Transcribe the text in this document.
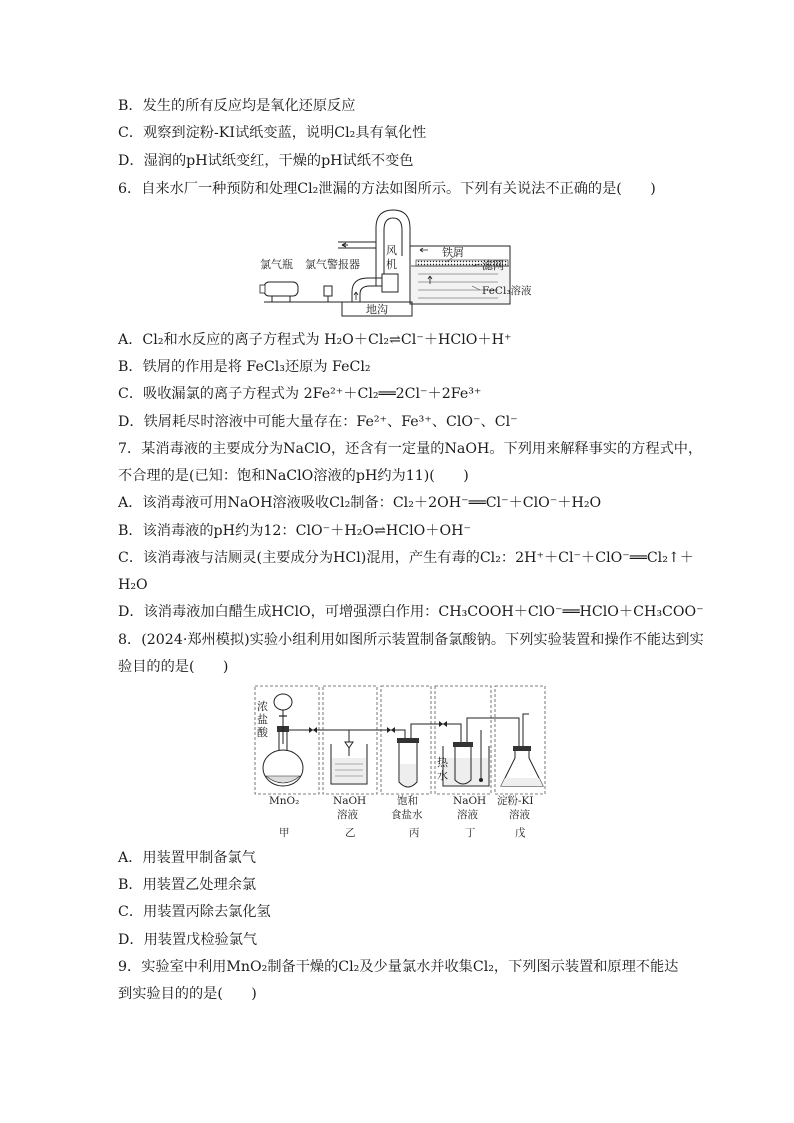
B．发生的所有反应均是氧化还原反应
C．观察到淀粉-KI试纸变蓝，说明Cl₂具有氧化性
D．湿润的pH试纸变红，干燥的pH试纸不变色
6．自来水厂一种预防和处理Cl₂泄漏的方法如图所示。下列有关说法不正确的是(　　)
氯气瓶 氯气警报器
风
机
铁屑
滤网
FeCl₃溶液
地沟
A．Cl₂和水反应的离子方程式为 H₂O＋Cl₂⇌Cl⁻＋HClO＋H⁺
B．铁屑的作用是将 FeCl₃还原为 FeCl₂
C．吸收漏氯的离子方程式为 2Fe²⁺＋Cl₂══2Cl⁻＋2Fe³⁺
D．铁屑耗尽时溶液中可能大量存在：Fe²⁺、Fe³⁺、ClO⁻、Cl⁻
7．某消毒液的主要成分为NaClO，还含有一定量的NaOH。下列用来解释事实的方程式中，
不合理的是(已知：饱和NaClO溶液的pH约为11)(　　)
A．该消毒液可用NaOH溶液吸收Cl₂制备：Cl₂＋2OH⁻══Cl⁻＋ClO⁻＋H₂O
B．该消毒液的pH约为12：ClO⁻＋H₂O⇌HClO＋OH⁻
C．该消毒液与洁厕灵(主要成分为HCl)混用，产生有毒的Cl₂：2H⁺＋Cl⁻＋ClO⁻══Cl₂↑＋
H₂O
D．该消毒液加白醋生成HClO，可增强漂白作用：CH₃COOH＋ClO⁻══HClO＋CH₃COO⁻
8．(2024·郑州模拟)实验小组利用如图所示装置制备氯酸钠。下列实验装置和操作不能达到实
验目的的是(　　)
浓
盐
酸
热
水
MnO₂	NaOH
溶液
饱和
食盐水
NaOH
溶液
淀粉-KI
溶液
甲	乙	丙	丁	戊
A．用装置甲制备氯气
B．用装置乙处理余氯
C．用装置丙除去氯化氢
D．用装置戊检验氯气
9．实验室中利用MnO₂制备干燥的Cl₂及少量氯水并收集Cl₂，下列图示装置和原理不能达
到实验目的的是(　　)
